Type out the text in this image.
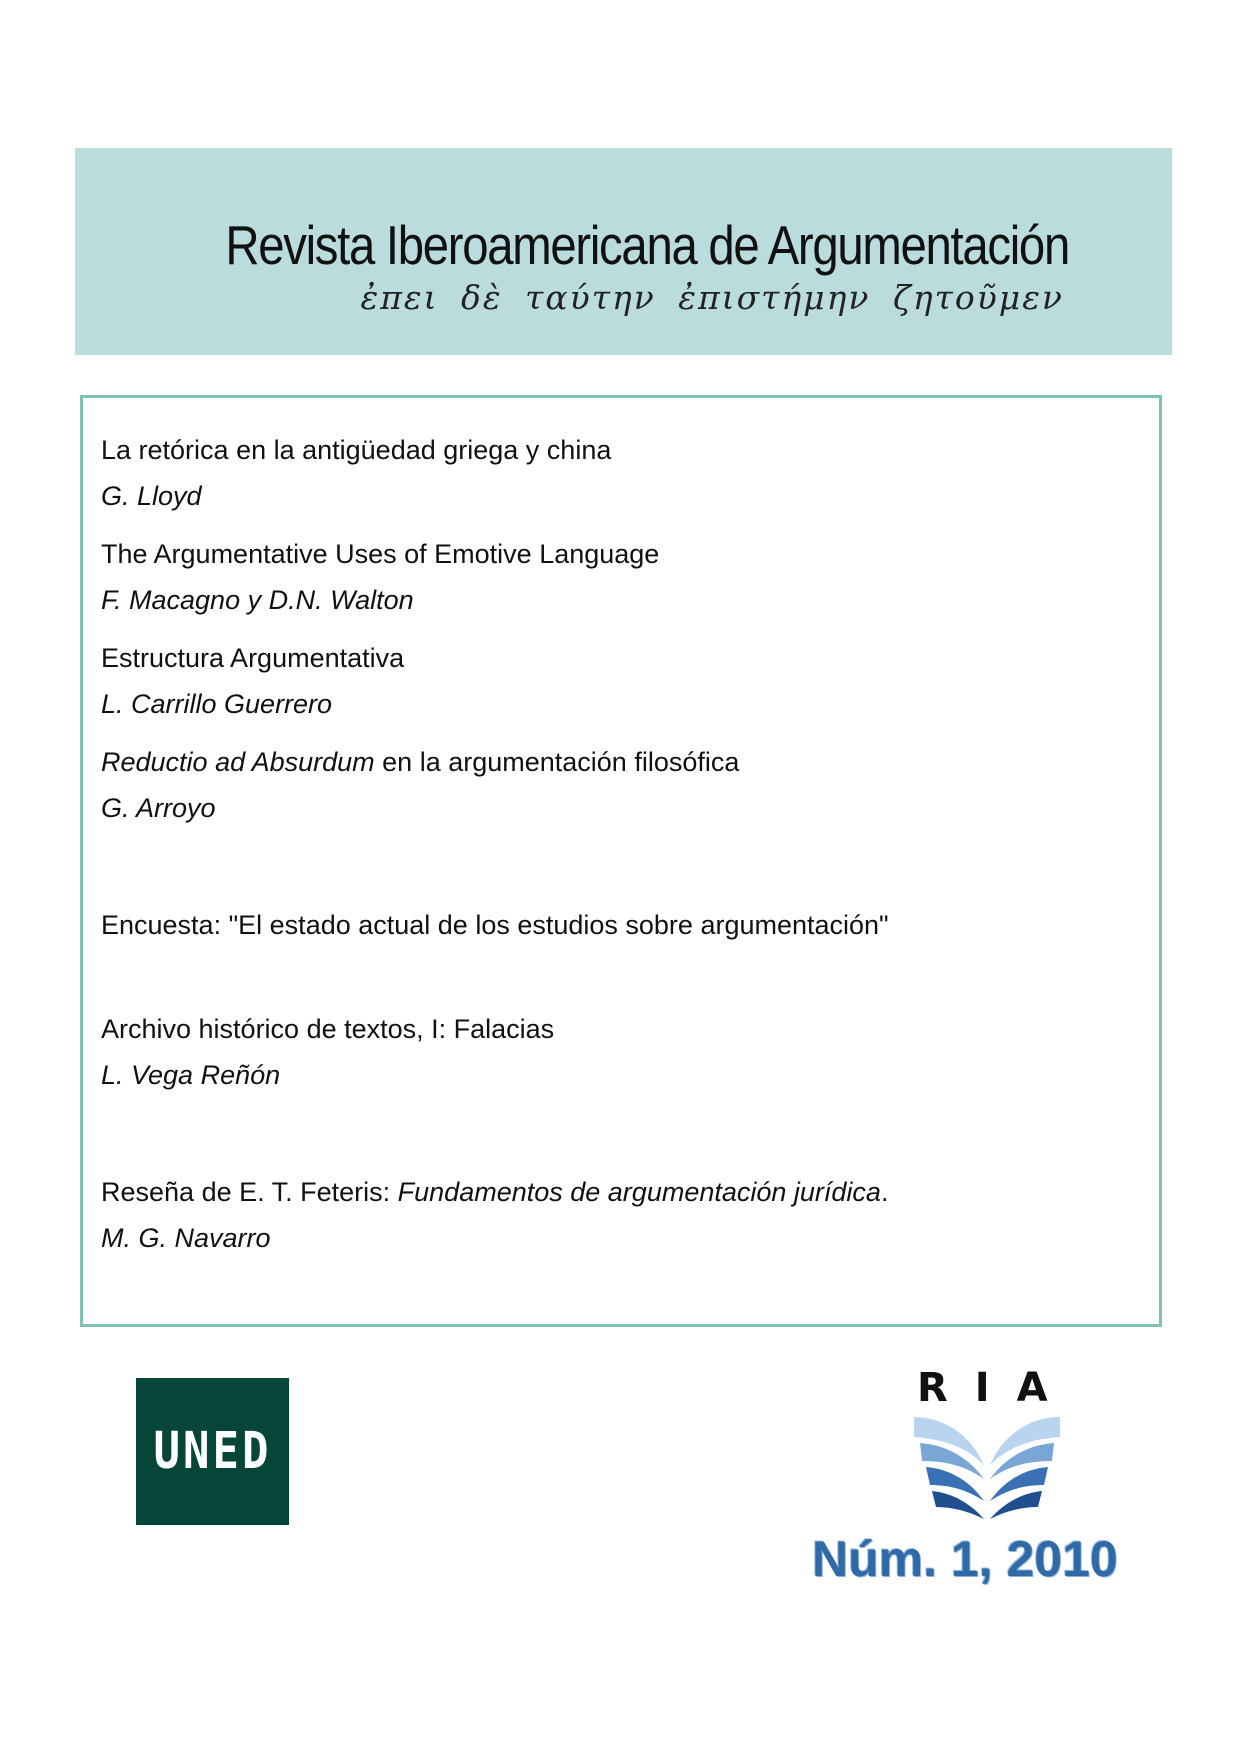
Revista Iberoamericana de Argumentación
ἐπει δὲ ταύτην ἐπιστήμην ζητοῦμεν
La retórica en la antigüedad griega y china
G. Lloyd
The Argumentative Uses of Emotive Language
F. Macagno y D.N. Walton
Estructura Argumentativa
L. Carrillo Guerrero
Reductio ad Absurdum en la argumentación filosófica
G. Arroyo
Encuesta: "El estado actual de los estudios sobre argumentación"
Archivo histórico de textos, I: Falacias
L. Vega Reñón
Reseña de E. T. Feteris: Fundamentos de argumentación jurídica.
M. G. Navarro
UNED
RIA
Núm. 1, 2010
